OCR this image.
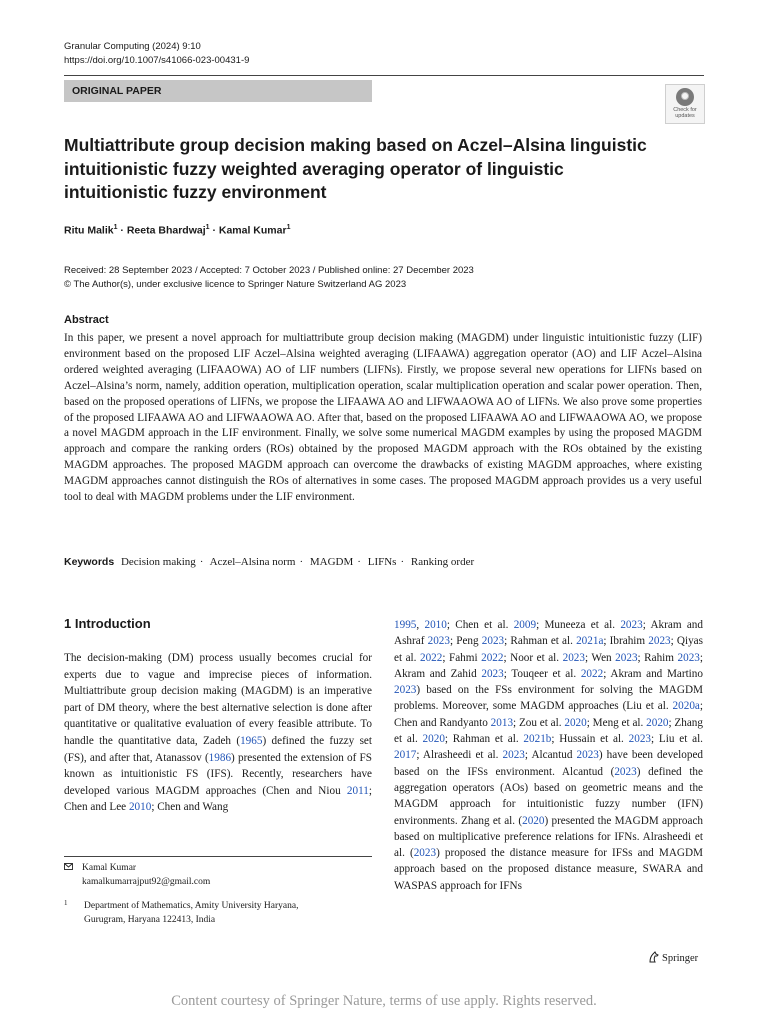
Granular Computing (2024) 9:10
https://doi.org/10.1007/s41066-023-00431-9
ORIGINAL PAPER
Check for
updates
Multiattribute group decision making based on Aczel–Alsina linguistic intuitionistic fuzzy weighted averaging operator of linguistic intuitionistic fuzzy environment
Ritu Malik$^1$ · Reeta Bhardwaj$^1$ · Kamal Kumar$^1$
Received: 28 September 2023 / Accepted: 7 October 2023 / Published online: 27 December 2023
© The Author(s), under exclusive licence to Springer Nature Switzerland AG 2023
Abstract
In this paper, we present a novel approach for multiattribute group decision making (MAGDM) under linguistic intuitionistic fuzzy (LIF) environment based on the proposed LIF Aczel–Alsina weighted averaging (LIFAAWA) aggregation operator (AO) and LIF Aczel–Alsina ordered weighted averaging (LIFAAOWA) AO of LIF numbers (LIFNs). Firstly, we propose several new operations for LIFNs based on Aczel–Alsina’s norm, namely, addition operation, multiplication operation, scalar multiplication operation and scalar power operation. Then, based on the proposed operations of LIFNs, we propose the LIFAAWA AO and LIFWAAOWA AO of LIFNs. We also prove some properties of the proposed LIFAAWA AO and LIFWAAOWA AO. After that, based on the proposed LIFAAWA AO and LIFWAAOWA AO, we propose a novel MAGDM approach in the LIF environment. Finally, we solve some numerical MAGDM examples by using the proposed MAGDM approach and compare the ranking orders (ROs) obtained by the proposed MAGDM approach with the ROs obtained by the existing MAGDM approaches. The proposed MAGDM approach can overcome the drawbacks of existing MAGDM approaches, where existing MAGDM approaches cannot distinguish the ROs of alternatives in some cases. The proposed MAGDM approach provides us a very useful tool to deal with MAGDM problems under the LIF environment.
Keywords Decision making · Aczel–Alsina norm · MAGDM · LIFNs · Ranking order
1 Introduction
The decision-making (DM) process usually becomes crucial for experts due to vague and imprecise pieces of information. Multiattribute group decision making (MAGDM) is an imperative part of DM theory, where the best alternative selection is done after quantitative or qualitative evaluation of every feasible attribute. To handle the quantitative data, Zadeh (1965) defined the fuzzy set (FS), and after that, Atanassov (1986) presented the extension of FS known as intuitionistic FS (IFS). Recently, researchers have developed various MAGDM approaches (Chen and Niou 2011; Chen and Lee 2010; Chen and Wang
1995, 2010; Chen et al. 2009; Muneeza et al. 2023; Akram and Ashraf 2023; Peng 2023; Rahman et al. 2021a; Ibrahim 2023; Qiyas et al. 2022; Fahmi 2022; Noor et al. 2023; Wen 2023; Rahim 2023; Akram and Zahid 2023; Touqeer et al. 2022; Akram and Martino 2023) based on the FSs environment for solving the MAGDM problems. Moreover, some MAGDM approaches (Liu et al. 2020a; Chen and Randyanto 2013; Zou et al. 2020; Meng et al. 2020; Zhang et al. 2020; Rahman et al. 2021b; Hussain et al. 2023; Liu et al. 2017; Alrasheedi et al. 2023; Alcantud 2023) have been developed based on the IFSs environment. Alcantud (2023) defined the aggregation operators (AOs) based on geometric means and the MAGDM approach for intuitionistic fuzzy number (IFN) environments. Zhang et al. (2020) presented the MAGDM approach based on multiplicative preference relations for IFNs. Alrasheedi et al. (2023) proposed the distance measure for IFSs and MAGDM approach based on the proposed distance measure, SWARA and WASPAS approach for IFNs
Kamal Kumar
kamalkumarrajput92@gmail.com
1	Department of Mathematics, Amity University Haryana,
Gurugram, Haryana 122413, India
Springer
Content courtesy of Springer Nature, terms of use apply. Rights reserved.
